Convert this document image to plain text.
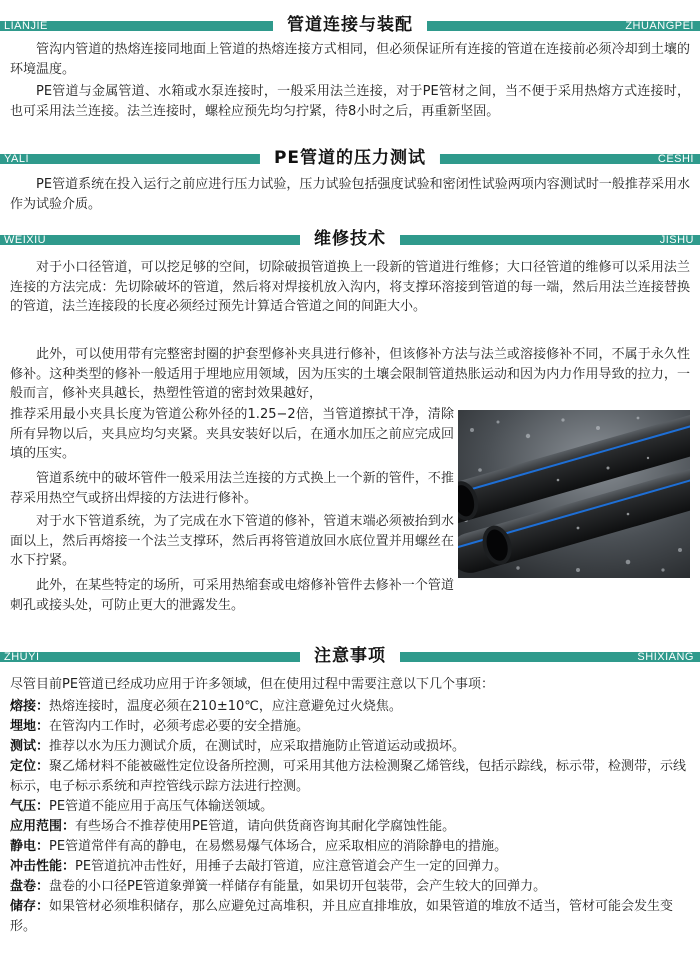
LIANJIE	管道连接与装配	ZHUANGPEI

管沟内管道的热熔连接同地面上管道的热熔连接方式相同，但必须保证所有连接的管道在连接前必须冷却到土壤的环境温度。

PE管道与金属管道、水箱或水泵连接时，一般采用法兰连接，对于PE管材之间，当不便于采用热熔方式连接时，也可采用法兰连接。法兰连接时，螺栓应预先均匀拧紧，待8小时之后，再重新坚固。

YALI	PE管道的压力测试	CESHI

PE管道系统在投入运行之前应进行压力试验，压力试验包括强度试验和密闭性试验两项内容测试时一般推荐采用水作为试验介质。

WEIXIU	维修技术	JISHU

对于小口径管道，可以挖足够的空间，切除破损管道换上一段新的管道进行维修；大口径管道的维修可以采用法兰连接的方法完成：先切除破坏的管道，然后将对焊接机放入沟内，将支撑环溶接到管道的每一端，然后用法兰连接替换的管道，法兰连接段的长度必须经过预先计算适合管道之间的间距大小。

此外，可以使用带有完整密封圈的护套型修补夹具进行修补，但该修补方法与法兰或溶接修补不同，不属于永久性修补。这种类型的修补一般适用于埋地应用领域，因为压实的土壤会限制管道热胀运动和因为内力作用导致的拉力，一般而言，修补夹具越长，热塑性管道的密封效果越好，

推荐采用最小夹具长度为管道公称外径的1.25−2倍，当管道擦拭干净，清除所有异物以后，夹具应均匀夹紧。夹具安装好以后，在通水加压之前应完成回填的压实。

管道系统中的破坏管件一般采用法兰连接的方式换上一个新的管件，不推荐采用热空气或挤出焊接的方法进行修补。

对于水下管道系统，为了完成在水下管道的修补，管道末端必须被抬到水面以上，然后再熔接一个法兰支撑环，然后再将管道放回水底位置并用螺丝在水下拧紧。

此外，在某些特定的场所，可采用热缩套或电熔修补管件去修补一个管道刺孔或接头处，可防止更大的泄露发生。

ZHUYI	注意事项	SHIXIANG

尽管目前PE管道已经成功应用于许多领域，但在使用过程中需要注意以下几个事项：

熔接：热熔连接时，温度必须在210±10℃，应注意避免过火烧焦。
埋地：在管沟内工作时，必须考虑必要的安全措施。
测试：推荐以水为压力测试介质，在测试时，应采取措施防止管道运动或损坏。
定位：聚乙烯材料不能被磁性定位设备所控测，可采用其他方法检测聚乙烯管线，包括示踪线，标示带，检测带，示线标示，电子标示系统和声控管线示踪方法进行控测。
气压：PE管道不能应用于高压气体输送领域。
应用范围：有些场合不推荐使用PE管道，请向供货商咨询其耐化学腐蚀性能。
静电：PE管道常伴有高的静电，在易燃易爆气体场合，应采取相应的消除静电的措施。
冲击性能：PE管道抗冲击性好，用捶子去敲打管道，应注意管道会产生一定的回弹力。
盘卷：盘卷的小口径PE管道象弹簧一样储存有能量，如果切开包装带，会产生较大的回弹力。
储存：如果管材必须堆积储存，那么应避免过高堆积，并且应直排堆放，如果管道的堆放不适当，管材可能会发生变形。
